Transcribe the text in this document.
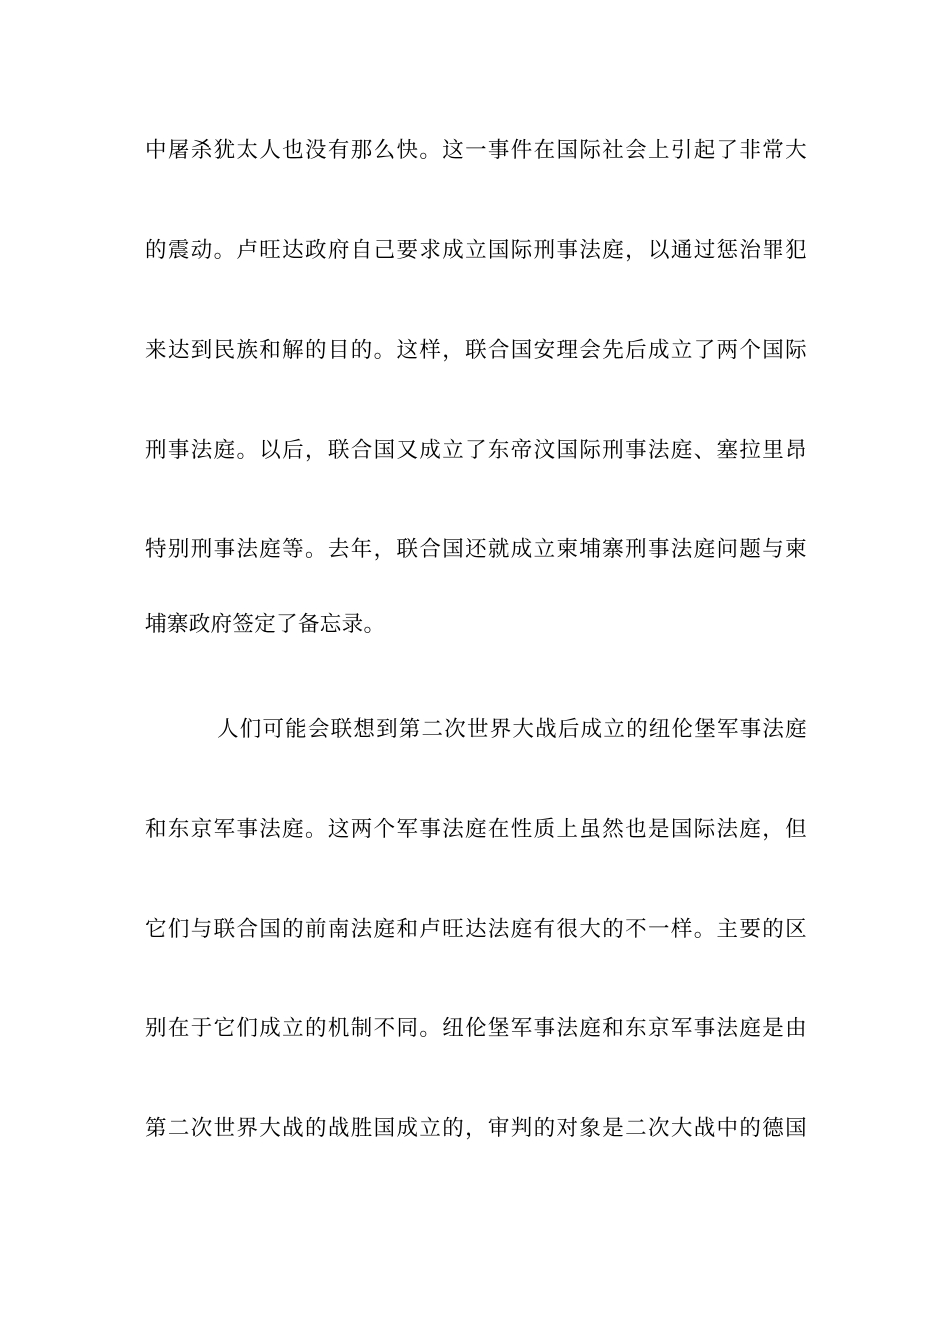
中屠杀犹太人也没有那么快。这一事件在国际社会上引起了非常大
的震动。卢旺达政府自己要求成立国际刑事法庭，以通过惩治罪犯
来达到民族和解的目的。这样，联合国安理会先后成立了两个国际
刑事法庭。以后，联合国又成立了东帝汶国际刑事法庭、塞拉里昂
特别刑事法庭等。去年，联合国还就成立柬埔寨刑事法庭问题与柬
埔寨政府签定了备忘录。
人们可能会联想到第二次世界大战后成立的纽伦堡军事法庭
和东京军事法庭。这两个军事法庭在性质上虽然也是国际法庭，但
它们与联合国的前南法庭和卢旺达法庭有很大的不一样。主要的区
别在于它们成立的机制不同。纽伦堡军事法庭和东京军事法庭是由
第二次世界大战的战胜国成立的，审判的对象是二次大战中的德国
